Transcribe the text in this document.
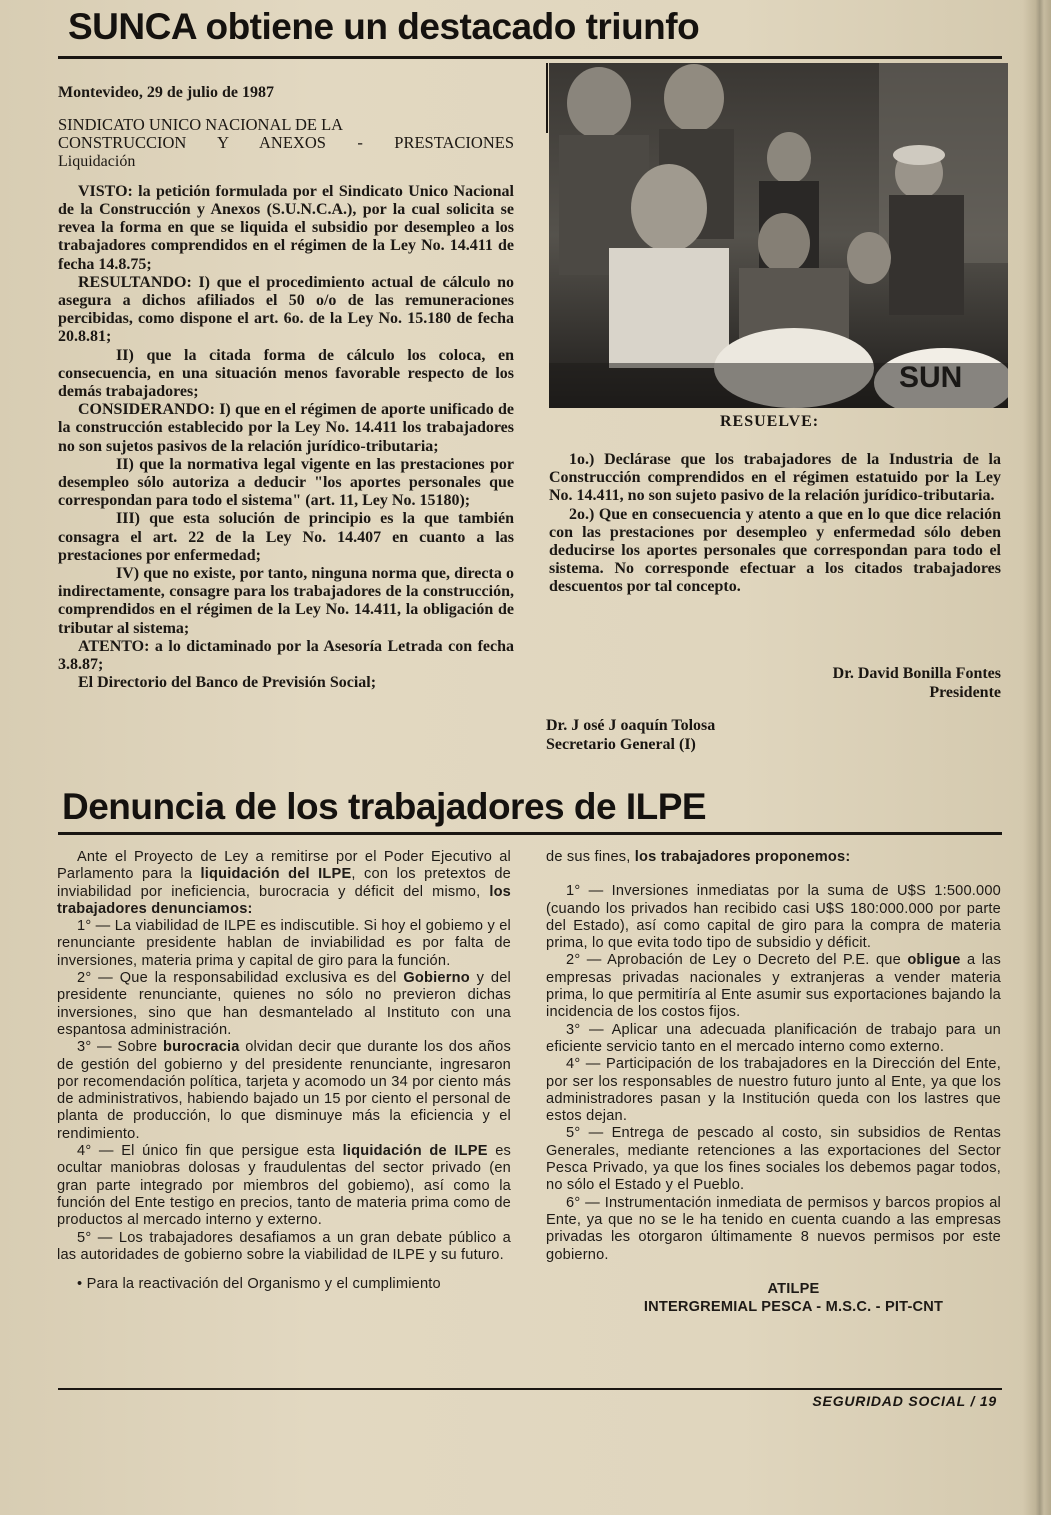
SUNCA obtiene un destacado triunfo

Montevideo, 29 de julio de 1987

SINDICATO UNICO NACIONAL DE LA

CONSTRUCCION Y ANEXOS - PRESTACIONES

Liquidación

VISTO: la petición formulada por el Sindicato Unico Nacional de la Construcción y Anexos (S.U.N.C.A.), por la cual solicita se revea la forma en que se liquida el subsidio por desempleo a los trabajadores comprendidos en el régimen de la Ley No. 14.411 de fecha 14.8.75;

RESULTANDO: I) que el procedimiento actual de cálculo no asegura a dichos afiliados el 50 o/o de las remuneraciones percibidas, como dispone el art. 6o. de la Ley No. 15.180 de fecha 20.8.81;

II) que la citada forma de cálculo los coloca, en consecuencia, en una situación menos favorable respecto de los demás trabajadores;

CONSIDERANDO: I) que en el régimen de aporte unificado de la construcción establecido por la Ley No. 14.411 los trabajadores no son sujetos pasivos de la relación jurídico-tributaria;

II) que la normativa legal vigente en las prestaciones por desempleo sólo autoriza a deducir "los aportes personales que correspondan para todo el sistema" (art. 11, Ley No. 15180);

III) que esta solución de principio es la que también consagra el art. 22 de la Ley No. 14.407 en cuanto a las prestaciones por enfermedad;

IV) que no existe, por tanto, ninguna norma que, directa o indirectamente, consagre para los trabajadores de la construcción, comprendidos en el régimen de la Ley No. 14.411, la obligación de tributar al sistema;

ATENTO: a lo dictaminado por la Asesoría Letrada con fecha 3.8.87;

El Directorio del Banco de Previsión Social;

SUN
RESUELVE:

1o.) Declárase que los trabajadores de la Industria de la Construcción comprendidos en el régimen estatuido por la Ley No. 14.411, no son sujeto pasivo de la relación jurídico-tributaria.

2o.) Que en consecuencia y atento a que en lo que dice relación con las prestaciones por desempleo y enfermedad sólo deben deducirse los aportes personales que correspondan para todo el sistema. No corresponde efectuar a los citados trabajadores descuentos por tal concepto.

Dr. David Bonilla Fontes
Presidente
Dr. J osé J oaquín Tolosa
Secretario General (I)
Denuncia de los trabajadores de ILPE

Ante el Proyecto de Ley a remitirse por el Poder Ejecutivo al Parlamento para la liquidación del ILPE, con los pretextos de inviabilidad por ineficiencia, burocracia y déficit del mismo, los trabajadores denunciamos:

1° — La viabilidad de ILPE es indiscutible. Si hoy el gobiemo y el renunciante presidente hablan de inviabilidad es por falta de inversiones, materia prima y capital de giro para la función.

2° — Que la responsabilidad exclusiva es del Gobierno y del presidente renunciante, quienes no sólo no previeron dichas inversiones, sino que han desmantelado al Instituto con una espantosa administración.

3° — Sobre burocracia olvidan decir que durante los dos años de gestión del gobierno y del presidente renunciante, ingresaron por recomendación política, tarjeta y acomodo un 34 por ciento más de administrativos, habiendo bajado un 15 por ciento el personal de planta de producción, lo que disminuye más la eficiencia y el rendimiento.

4° — El único fin que persigue esta liquidación de ILPE es ocultar maniobras dolosas y fraudulentas del sector privado (en gran parte integrado por miembros del gobiemo), así como la función del Ente testigo en precios, tanto de materia prima como de productos al mercado interno y externo.

5° — Los trabajadores desafiamos a un gran debate público a las autoridades de gobierno sobre la viabilidad de ILPE y su futuro.

• Para la reactivación del Organismo y el cumplimiento

de sus fines, los trabajadores proponemos:

1° — Inversiones inmediatas por la suma de U$S 1:500.000 (cuando los privados han recibido casi U$S 180:000.000 por parte del Estado), así como capital de giro para la compra de materia prima, lo que evita todo tipo de subsidio y déficit.

2° — Aprobación de Ley o Decreto del P.E. que obligue a las empresas privadas nacionales y extranjeras a vender materia prima, lo que permitiría al Ente asumir sus exportaciones bajando la incidencia de los costos fijos.

3° — Aplicar una adecuada planificación de trabajo para un eficiente servicio tanto en el mercado interno como externo.

4° — Participación de los trabajadores en la Dirección del Ente, por ser los responsables de nuestro futuro junto al Ente, ya que los administradores pasan y la Institución queda con los lastres que estos dejan.

5° — Entrega de pescado al costo, sin subsidios de Rentas Generales, mediante retenciones a las exportaciones del Sector Pesca Privado, ya que los fines sociales los debemos pagar todos, no sólo el Estado y el Pueblo.

6° — Instrumentación inmediata de permisos y barcos propios al Ente, ya que no se le ha tenido en cuenta cuando a las empresas privadas les otorgaron últimamente 8 nuevos permisos por este gobierno.

ATILPE
INTERGREMIAL PESCA - M.S.C. - PIT-CNT
SEGURIDAD SOCIAL / 19
